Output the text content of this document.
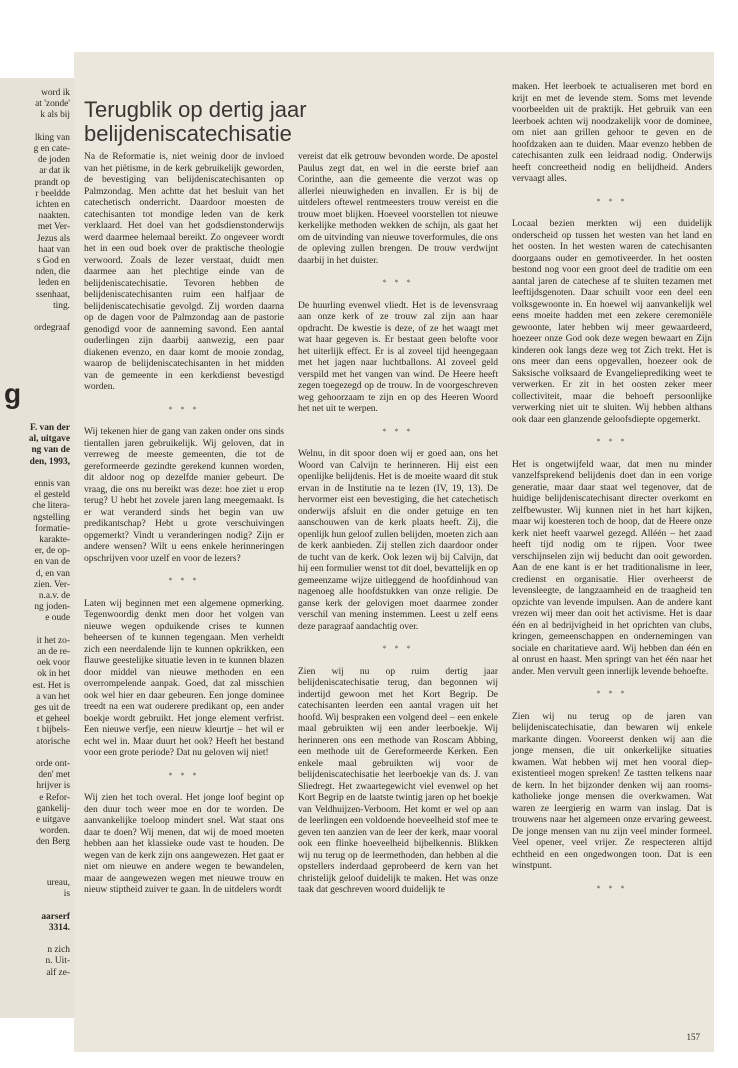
word ik
at 'zonde'
k als bij
lking van
g en cate-
de joden
ar dat ik
prandt op
r beeldde
ichten en
naakten.
met Ver-
Jezus als
haat van
s God en
nden, die
leden en
ssenhaat,
ting.
ordegraaf
F. van der
al, uitgave
ng van de
den, 1993,
ennis van
el gesteld
che litera-
ngstelling
formatie-
karakte-
er, de op-
en van de
d, en van
zien. Ver-
n.a.v. de
ng joden-
e oude
it het zo-
an de re-
oek voor
ok in het
est. Het is
a van het
ges uit de
et geheel
t bijbels-
atorische
orde ont-
den' met
hrijver is
e Refor-
gankelij-
e uitgave
worden.
den Berg
ureau,
is
aarserf
3314.
n zich
n. Uit-
alf ze-
g
Terugblik op dertig jaar belijdeniscatechisatie

Na de Reformatie is, niet weinig door de invloed van het piëtisme, in de kerk gebruikelijk geworden, de bevestiging van belijdeniscatechisanten op Palmzondag. Men achtte dat het besluit van het catechetisch onderricht. Daardoor moesten de catechisanten tot mondige leden van de kerk verklaard. Het doel van het godsdienstonderwijs werd daarmee helemaal bereikt. Zo ongeveer wordt het in een oud boek over de praktische theologie verwoord. Zoals de lezer verstaat, duidt men daarmee aan het plechtige einde van de belijdeniscatechisatie. Tevoren hebben de belijdeniscatechisanten ruim een halfjaar de belijdeniscatechisatie gevolgd. Zij worden daarna op de dagen voor de Palmzondag aan de pastorie genodigd voor de aanneming savond. Een aantal ouderlingen zijn daarbij aanwezig, een paar diakenen evenzo, en daar komt de mooie zondag, waarop de belijdeniscatechisanten in het midden van de gemeente in een kerkdienst bevestigd worden.

* * *

Wij tekenen hier de gang van zaken onder ons sinds tientallen jaren gebruikelijk. Wij geloven, dat in verreweg de meeste gemeenten, die tot de gereformeerde gezindte gerekend kunnen worden, dit aldoor nog op dezelfde manier gebeurt. De vraag, die ons nu bereikt was deze: hoe ziet u erop terug? U hebt het zovele jaren lang meegemaakt. Is er wat veranderd sinds het begin van uw predikantschap? Hebt u grote verschuivingen opgemerkt? Vindt u veranderingen nodig? Zijn er andere wensen? Wilt u eens enkele herinneringen opschrijven voor uzelf en voor de lezers?

* * *

Laten wij beginnen met een algemene opmerking. Tegenwoordig denkt men door het volgen van nieuwe wegen opduikende crises te kunnen beheersen of te kunnen tegengaan. Men verheldt zich een neerdalende lijn te kunnen opkrikken, een flauwe geestelijke situatie leven in te kunnen blazen door middel van nieuwe methoden en een overrompelende aanpak. Goed, dat zal misschien ook wel hier en daar gebeuren. Een jonge dominee treedt na een wat ouderere predikant op, een ander boekje wordt gebruikt. Het jonge element verfrist. Een nieuwe verfje, een nieuw kleurtje – het wil er echt wel in. Maar duurt het ook? Heeft het bestand voor een grote periode? Dat nu geloven wij niet!

* * *

Wij zien het toch overal. Het jonge loof begint op den duur toch weer moe en dor te worden. De aanvankelijke toeloop mindert snel. Wat staat ons daar te doen? Wij menen, dat wij de moed moeten hebben aan het klassieke oude vast te houden. De wegen van de kerk zijn ons aangewezen. Het gaat er niet om nieuwe en andere wegen te bewandelen, maar de aangewezen wegen met nieuwe trouw en nieuw stiptheid zuiver te gaan. In de uitdelers wordt

vereist dat elk getrouw bevonden worde. De apostel Paulus zegt dat, en wel in die eerste brief aan Corinthe, aan die gemeente die verzot was op allerlei nieuwigheden en invallen. Er is bij de uitdelers oftewel rentmeesters trouw vereist en die trouw moet blijken. Hoeveel voorstellen tot nieuwe kerkelijke methoden wekken de schijn, als gaat het om de uitvinding van nieuwe toverformules, die ons de opleving zullen brengen. De trouw verdwijnt daarbij in het duister.

* * *

De huurling evenwel vliedt. Het is de levensvraag aan onze kerk of ze trouw zal zijn aan haar opdracht. De kwestie is deze, of ze het waagt met wat haar gegeven is. Er bestaat geen belofte voor het uiterlijk effect. Er is al zoveel tijd heengegaan met het jagen naar luchtballons. Al zoveel geld verspild met het vangen van wind. De Heere heeft zegen toegezegd op de trouw. In de voorgeschreven weg gehoorzaam te zijn en op des Heeren Woord het net uit te werpen.

* * *

Welnu, in dit spoor doen wij er goed aan, ons het Woord van Calvijn te herinneren. Hij eist een openlijke belijdenis. Het is de moeite waard dit stuk ervan in de Institutie na te lezen (IV, 19, 13). De hervormer eist een bevestiging, die het catechetisch onderwijs afsluit en die onder getuige en ten aanschouwen van de kerk plaats heeft. Zij, die openlijk hun geloof zullen belijden, moeten zich aan de kerk aanbieden. Zij stellen zich daardoor onder de tucht van de kerk. Ook lezen wij bij Calvijn, dat hij een formulier wenst tot dit doel, bevattelijk en op gemeenzame wijze uitleggend de hoofdinhoud van nagenoeg alle hoofdstukken van onze religie. De ganse kerk der gelovigen moet daarmee zonder verschil van mening instemmen. Leest u zelf eens deze paragraaf aandachtig over.

* * *

Zien wij nu op ruim dertig jaar belijdeniscatechisatie terug, dan begonnen wij indertijd gewoon met het Kort Begrip. De catechisanten leerden een aantal vragen uit het hoofd. Wij bespraken een volgend deel – een enkele maal gebruikten wij een ander leerboekje. Wij herinneren ons een methode van Roscam Abbing, een methode uit de Gereformeerde Kerken. Een enkele maal gebruikten wij voor de belijdeniscatechisatie het leerboekje van ds. J. van Sliedregt. Het zwaartegewicht viel evenwel op het Kort Begrip en de laatste twintig jaren op het boekje van Veldhuijzen-Verboom. Het komt er wel op aan de leerlingen een voldoende hoeveelheid stof mee te geven ten aanzien van de leer der kerk, maar vooral ook een flinke hoeveelheid bijbelkennis. Blikken wij nu terug op de leermethoden, dan hebben al die opstellers inderdaad geprobeerd de kern van het christelijk geloof duidelijk te maken. Het was onze taak dat geschreven woord duidelijk te

maken. Het leerboek te actualiseren met bord en krijt en met de levende stem. Soms met levende voorbeelden uit de praktijk. Het gebruik van een leerboek achten wij noodzakelijk voor de dominee, om niet aan grillen gehoor te geven en de hoofdzaken aan te duiden. Maar evenzo hebben de catechisanten zulk een leidraad nodig. Onderwijs heeft concreetheid nodig en belijdheid. Anders vervaagt alles.

* * *

Locaal bezien merkten wij een duidelijk onderscheid op tussen het westen van het land en het oosten. In het westen waren de catechisanten doorgaans ouder en gemotiveerder. In het oosten bestond nog voor een groot deel de traditie om een aantal jaren de catechese af te sluiten tezamen met leeftijdsgenoten. Daar schuilt voor een deel een volksgewoonte in. En hoewel wij aanvankelijk wel eens moeite hadden met een zekere ceremoniële gewoonte, later hebben wij meer gewaardeerd, hoezeer onze God ook deze wegen bewaart en Zijn kinderen ook langs deze weg tot Zich trekt. Het is ons meer dan eens opgevallen, hoezeer ook de Saksische volksaard de Evangelieprediking weet te verwerken. Er zit in het oosten zeker meer collectiviteit, maar die behoeft persoonlijke verwerking niet uit te sluiten. Wij hebben althans ook daar een glanzende geloofsdiepte opgemerkt.

* * *

Het is ongetwijfeld waar, dat men nu minder vanzelfsprekend belijdenis doet dan in een vorige generatie, maar daar staat wel tegenover, dat de huidige belijdeniscatechisant directer overkomt en zelfbewuster. Wij kunnen niet in het hart kijken, maar wij koesteren toch de hoop, dat de Heere onze kerk niet heeft vaarwel gezegd. Alléén – het zaad heeft tijd nodig om te rijpen. Voor twee verschijnselen zijn wij beducht dan ooit geworden. Aan de ene kant is er het traditionalisme in leer, credienst en organisatie. Hier overheerst de levensleegte, de langzaamheid en de traagheid ten opzichte van levende impulsen. Aan de andere kant vrezen wij meer dan ooit het activisme. Het is daar één en al bedrijvigheid in het oprichten van clubs, kringen, gemeenschappen en ondernemingen van sociale en charitatieve aard. Wij hebben dan één en al onrust en haast. Men springt van het één naar het ander. Men vervult geen innerlijk levende behoefte.

* * *

Zien wij nu terug op de jaren van belijdeniscatechisatie, dan bewaren wij enkele markante dingen. Vooreerst denken wij aan die jonge mensen, die uit onkerkelijke situaties kwamen. Wat hebben wij met hen vooral diep-existentieel mogen spreken! Ze tastten telkens naar de kern. In het bijzonder denken wij aan rooms-katholieke jonge mensen die overkwamen. Wat waren ze leergierig en warm van inslag. Dat is trouwens naar het algemeen onze ervaring geweest. De jonge mensen van nu zijn veel minder formeel. Veel opener, veel vrijer. Ze respecteren altijd echtheid en een ongedwongen toon. Dat is een winstpunt.

* * *
157
